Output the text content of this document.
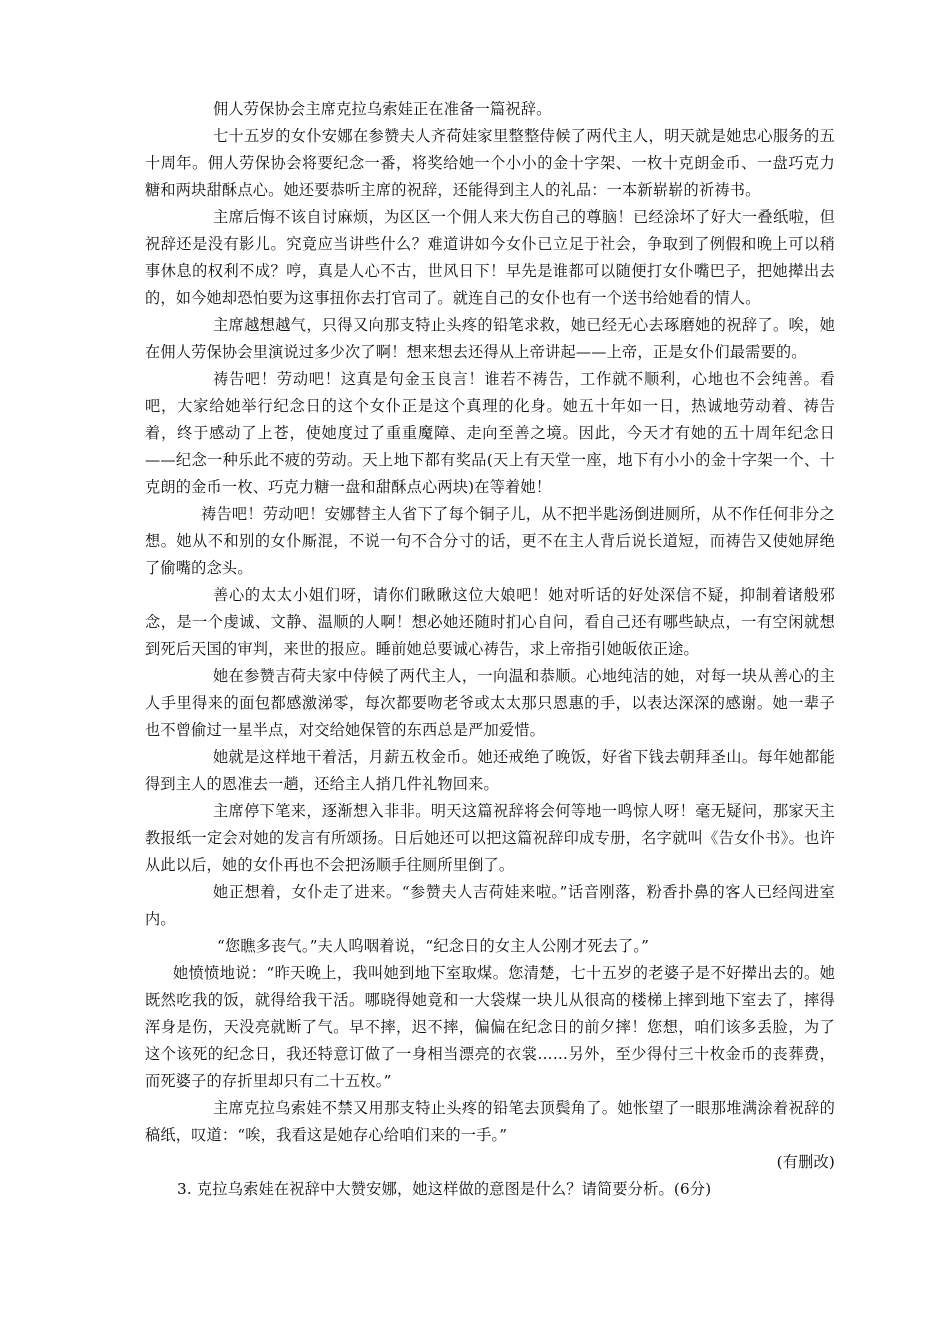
佣人劳保协会主席克拉乌索娃正在准备一篇祝辞。

七十五岁的女仆安娜在参赞夫人齐荷娃家里整整侍候了两代主人，明天就是她忠心服务的五十周年。佣人劳保协会将要纪念一番，将奖给她一个小小的金十字架、一枚十克朗金币、一盘巧克力糖和两块甜酥点心。她还要恭听主席的祝辞，还能得到主人的礼品：一本新崭崭的祈祷书。

主席后悔不该自讨麻烦，为区区一个佣人来大伤自己的尊脑！已经涂坏了好大一叠纸啦，但祝辞还是没有影儿。究竟应当讲些什么？难道讲如今女仆已立足于社会，争取到了例假和晚上可以稍事休息的权利不成？哼，真是人心不古，世风日下！早先是谁都可以随便打女仆嘴巴子，把她撵出去的，如今她却恐怕要为这事扭你去打官司了。就连自己的女仆也有一个送书给她看的情人。

主席越想越气，只得又向那支特止头疼的铅笔求救，她已经无心去琢磨她的祝辞了。唉，她在佣人劳保协会里演说过多少次了啊！想来想去还得从上帝讲起——上帝，正是女仆们最需要的。

祷告吧！劳动吧！这真是句金玉良言！谁若不祷告，工作就不顺利，心地也不会纯善。看吧，大家给她举行纪念日的这个女仆正是这个真理的化身。她五十年如一日，热诚地劳动着、祷告着，终于感动了上苍，使她度过了重重魔障、走向至善之境。因此，今天才有她的五十周年纪念日——纪念一种乐此不疲的劳动。天上地下都有奖品(天上有天堂一座，地下有小小的金十字架一个、十克朗的金币一枚、巧克力糖一盘和甜酥点心两块)在等着她！

祷告吧！劳动吧！安娜替主人省下了每个铜子儿，从不把半匙汤倒进厕所，从不作任何非分之想。她从不和别的女仆厮混，不说一句不合分寸的话，更不在主人背后说长道短，而祷告又使她屏绝了偷嘴的念头。

善心的太太小姐们呀，请你们瞅瞅这位大娘吧！她对听话的好处深信不疑，抑制着诸般邪念，是一个虔诚、文静、温顺的人啊！想必她还随时扪心自问，看自己还有哪些缺点，一有空闲就想到死后天国的审判，来世的报应。睡前她总要诚心祷告，求上帝指引她皈依正途。

她在参赞吉荷夫家中侍候了两代主人，一向温和恭顺。心地纯洁的她，对每一块从善心的主人手里得来的面包都感激涕零，每次都要吻老爷或太太那只恩惠的手，以表达深深的感谢。她一辈子也不曾偷过一星半点，对交给她保管的东西总是严加爱惜。

她就是这样地干着活，月薪五枚金币。她还戒绝了晚饭，好省下钱去朝拜圣山。每年她都能得到主人的恩准去一趟，还给主人捎几件礼物回来。

主席停下笔来，逐渐想入非非。明天这篇祝辞将会何等地一鸣惊人呀！毫无疑问，那家天主教报纸一定会对她的发言有所颂扬。日后她还可以把这篇祝辞印成专册，名字就叫《告女仆书》。也许从此以后，她的女仆再也不会把汤顺手往厕所里倒了。

她正想着，女仆走了进来。“参赞夫人吉荷娃来啦。”话音刚落，粉香扑鼻的客人已经闯进室内。

“您瞧多丧气。”夫人呜咽着说，“纪念日的女主人公刚才死去了。”

她愤愤地说：“昨天晚上，我叫她到地下室取煤。您清楚，七十五岁的老婆子是不好撵出去的。她既然吃我的饭，就得给我干活。哪晓得她竟和一大袋煤一块儿从很高的楼梯上摔到地下室去了，摔得浑身是伤，天没亮就断了气。早不摔，迟不摔，偏偏在纪念日的前夕摔！您想，咱们该多丢脸，为了这个该死的纪念日，我还特意订做了一身相当漂亮的衣裳……另外，至少得付三十枚金币的丧葬费，而死婆子的存折里却只有二十五枚。”

主席克拉乌索娃不禁又用那支特止头疼的铅笔去顶鬓角了。她怅望了一眼那堆满涂着祝辞的稿纸，叹道：“唉，我看这是她存心给咱们来的一手。”

(有删改)

3. 克拉乌索娃在祝辞中大赞安娜，她这样做的意图是什么？请简要分析。(6分)
